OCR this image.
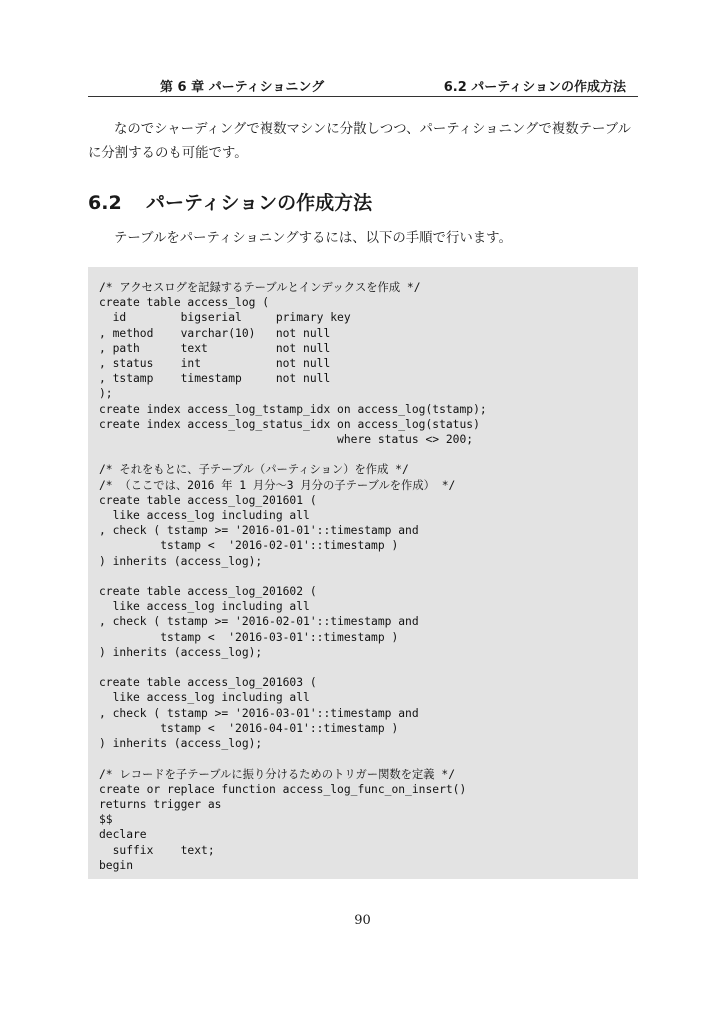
第 6 章 パーティショニング	6.2 パーティションの作成方法

なのでシャーディングで複数マシンに分散しつつ、パーティショニングで複数テーブル
に分割するのも可能です。

6.2 パーティションの作成方法

テーブルをパーティショニングするには、以下の手順で行います。

/* アクセスログを記録するテーブルとインデックスを作成 */
create table access_log (
id        bigserial     primary key
, method    varchar(10)   not null
, path      text          not null
, status    int           not null
, tstamp    timestamp     not null
);
create index access_log_tstamp_idx on access_log(tstamp);
create index access_log_status_idx on access_log(status)
where status <> 200;

/* それをもとに、子テーブル（パーティション）を作成 */
/* （ここでは、2016 年 1 月分〜3 月分の子テーブルを作成） */
create table access_log_201601 (
like access_log including all
, check ( tstamp >= '2016-01-01'::timestamp and
tstamp <  '2016-02-01'::timestamp )
) inherits (access_log);

create table access_log_201602 (
like access_log including all
, check ( tstamp >= '2016-02-01'::timestamp and
tstamp <  '2016-03-01'::timestamp )
) inherits (access_log);

create table access_log_201603 (
like access_log including all
, check ( tstamp >= '2016-03-01'::timestamp and
tstamp <  '2016-04-01'::timestamp )
) inherits (access_log);

/* レコードを子テーブルに振り分けるためのトリガー関数を定義 */
create or replace function access_log_func_on_insert()
returns trigger as
$$
declare
suffix    text;
begin

90
